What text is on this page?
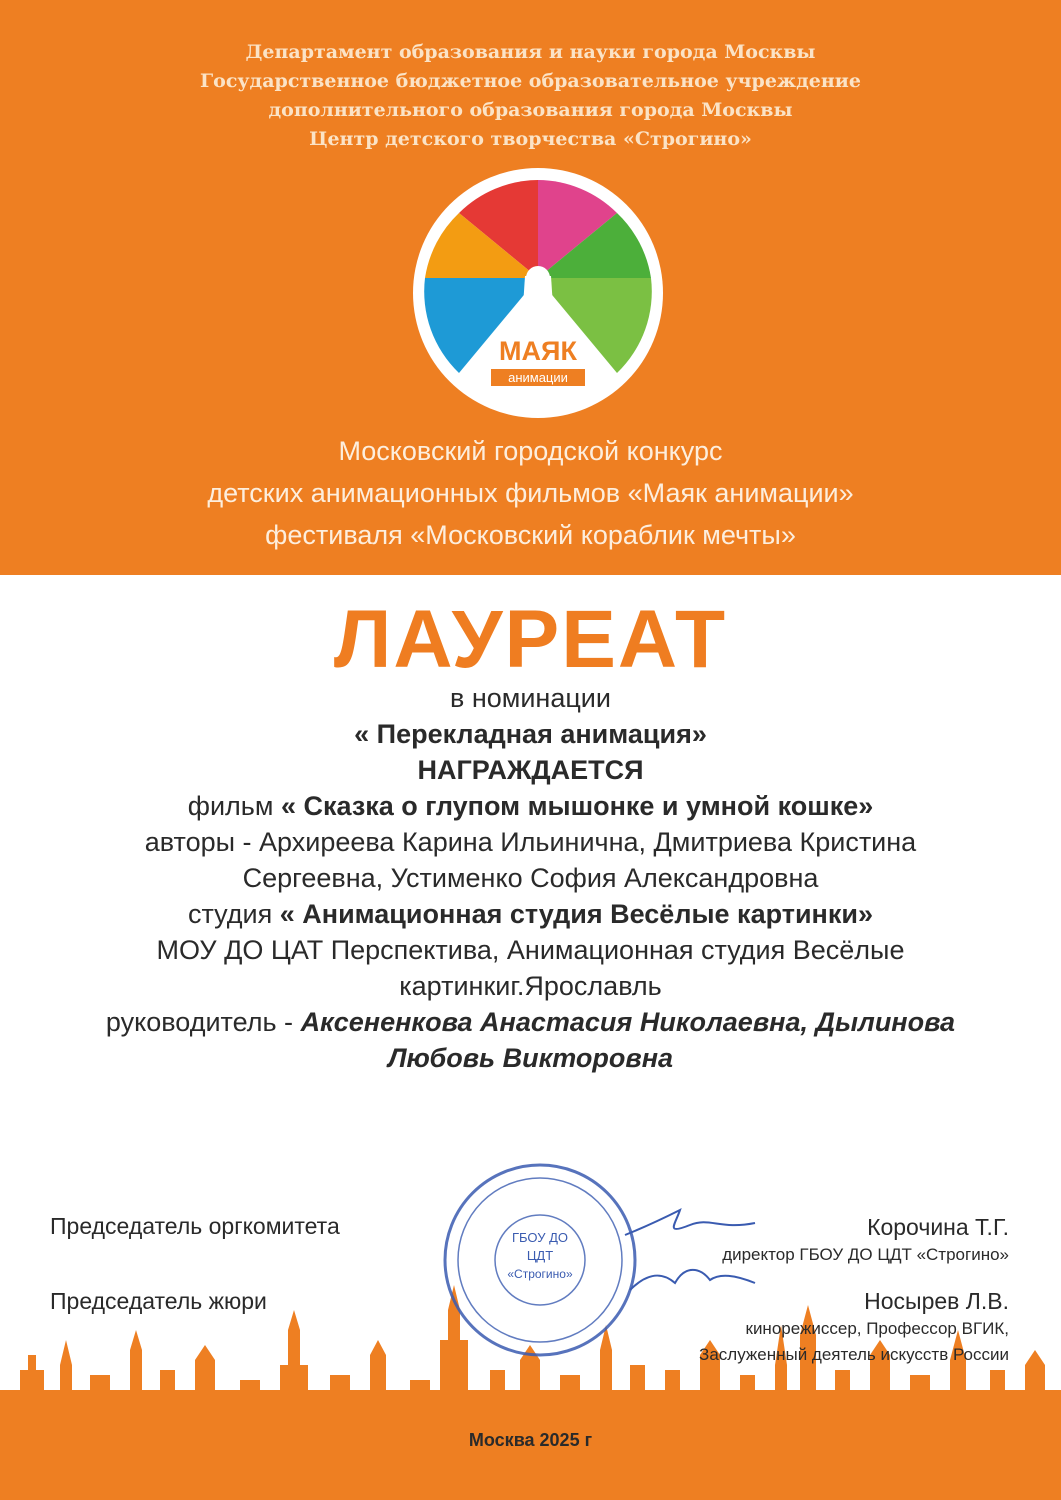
Департамент образования и науки города Москвы
Государственное бюджетное образовательное учреждение
дополнительного образования города Москвы
Центр детского творчества «Строгино»
МАЯК
анимации
Московский городской конкурс
детских анимационных фильмов «Маяк анимации»
фестиваля «Московский кораблик мечты»
ЛАУРЕАТ
в номинации
« Перекладная анимация»
НАГРАЖДАЕТСЯ
фильм « Сказка о глупом мышонке и умной кошке»
авторы - Архиреева Карина Ильинична, Дмитриева Кристина
Сергеевна, Устименко София Александровна
студия « Анимационная студия Весёлые картинки»
МОУ ДО ЦАТ Перспектива, Анимационная студия Весёлые
картинкиг.Ярославль
руководитель - Аксененкова Анастасия Николаевна, Дылинова
Любовь Викторовна
ГБОУ ДО
ЦДТ
«Строгино»
Председатель оргкомитета	Корочина Т.Г.
директор ГБОУ ДО ЦДТ «Строгино»
Председатель жюри	Носырев Л.В.
кинорежиссер, Профессор ВГИК,
Заслуженный деятель искусств России
Москва 2025 г
